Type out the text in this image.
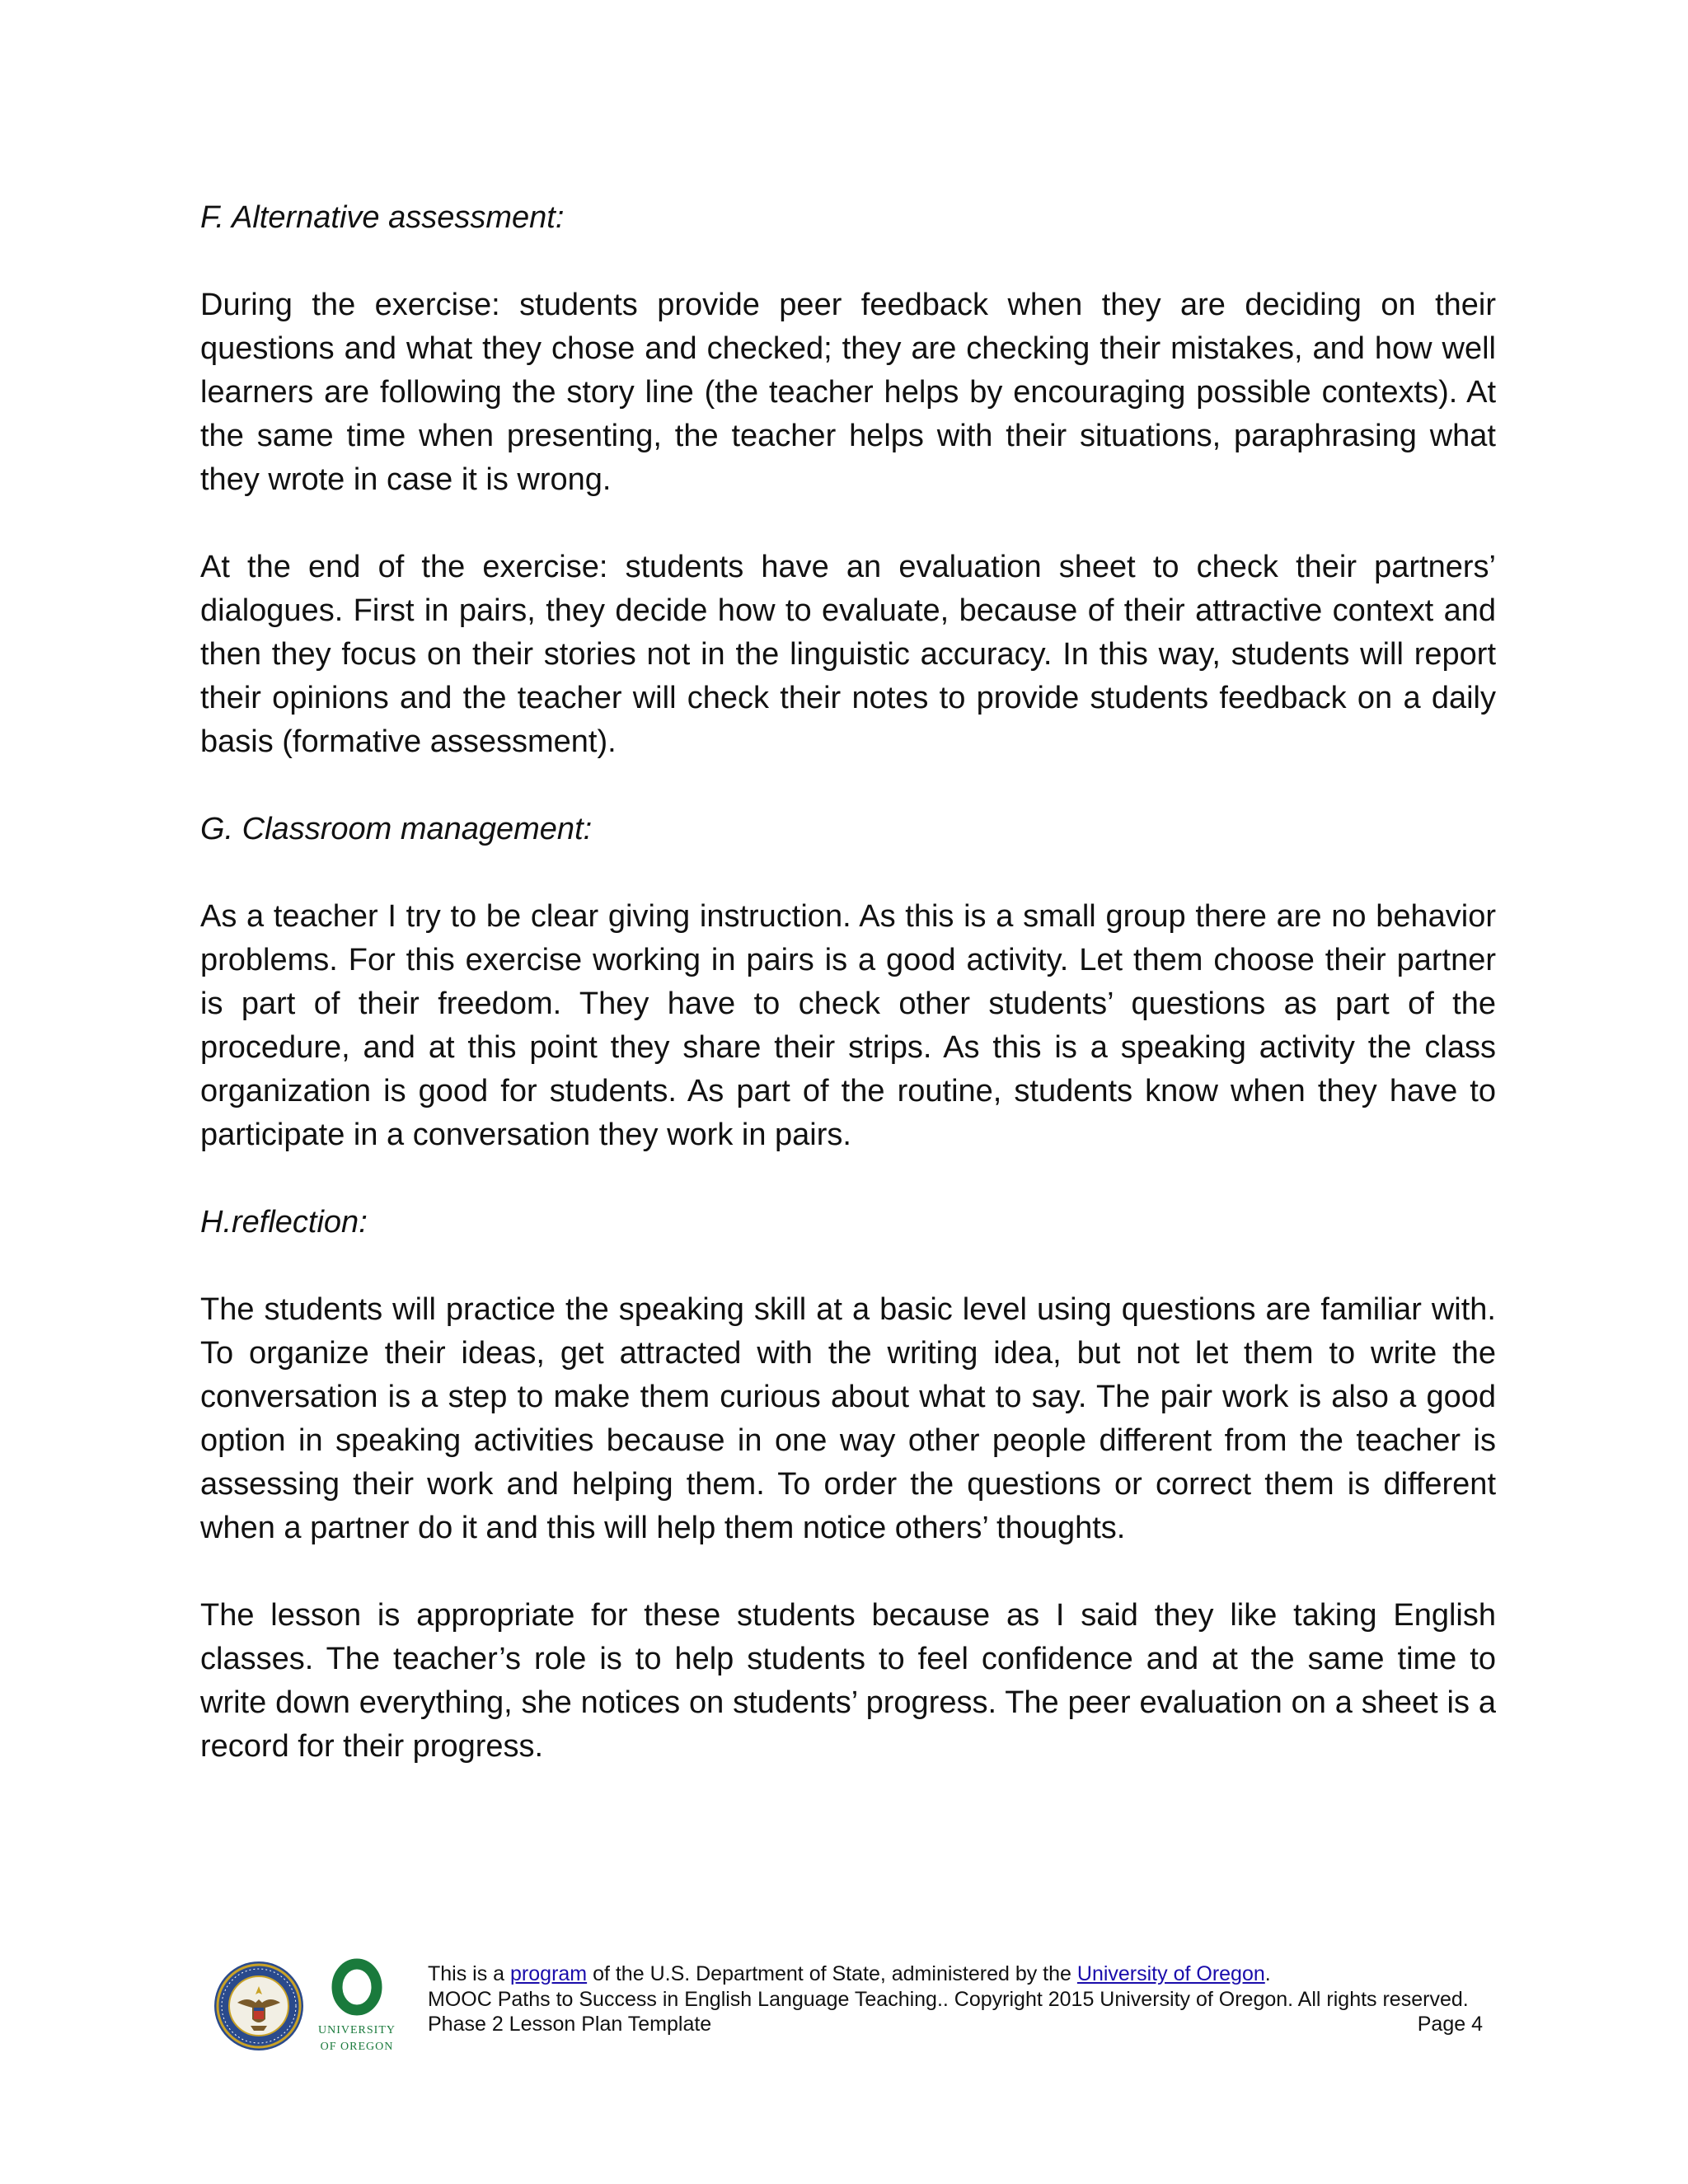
F. Alternative assessment:

During the exercise: students provide peer feedback when they are deciding on their questions and what they chose and checked; they are checking their mistakes, and how well learners are following the story line (the teacher helps by encouraging possible contexts). At the same time when presenting, the teacher helps with their situations, paraphrasing what they wrote in case it is wrong.

At the end of the exercise: students have an evaluation sheet to check their partners’ dialogues. First in pairs, they decide how to evaluate, because of their attractive context and then they focus on their stories not in the linguistic accuracy. In this way, students will report their opinions and the teacher will check their notes to provide students feedback on a daily basis (formative assessment).

G. Classroom management:

As a teacher I try to be clear giving instruction. As this is a small group there are no behavior problems. For this exercise working in pairs is a good activity. Let them choose their partner is part of their freedom. They have to check other students’ questions as part of the procedure, and at this point they share their strips. As this is a speaking activity the class organization is good for students. As part of the routine, students know when they have to participate in a conversation they work in pairs.

H.reflection:

The students will practice the speaking skill at a basic level using questions are familiar with. To organize their ideas, get attracted with the writing idea, but not let them to write the conversation is a step to make them curious about what to say. The pair work is also a good option in speaking activities because in one way other people different from the teacher is assessing their work and helping them. To order the questions or correct them is different when a partner do it and this will help them notice others’ thoughts.

The lesson is appropriate for these students because as I said they like taking English classes. The teacher’s role is to help students to feel confidence and at the same time to write down everything, she notices on students’ progress. The peer evaluation on a sheet is a record for their progress.

UNIVERSITY
OF OREGON
This is a program of the U.S. Department of State, administered by the University of Oregon.
MOOC Paths to Success in English Language Teaching.. Copyright 2015 University of Oregon. All rights reserved.
Phase 2 Lesson Plan Template	Page 4
